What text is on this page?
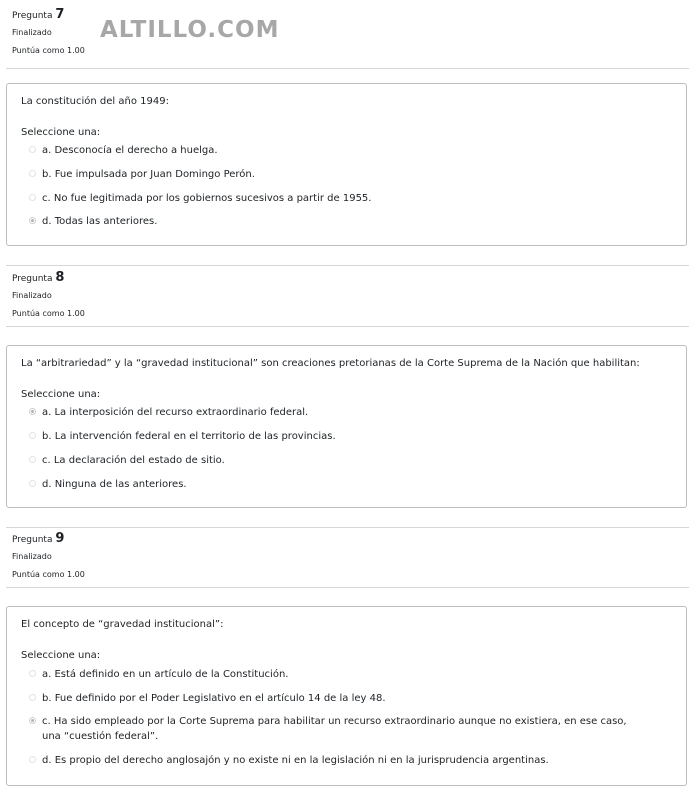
Pregunta 7
Finalizado
Puntúa como 1.00
ALTILLO.COM
La constitución del año 1949:
Seleccione una:
a. Desconocía el derecho a huelga.
b. Fue impulsada por Juan Domingo Perón.
c. No fue legitimada por los gobiernos sucesivos a partir de 1955.
d. Todas las anteriores.
Pregunta 8
Finalizado
Puntúa como 1.00
La “arbitrariedad” y la “gravedad institucional” son creaciones pretorianas de la Corte Suprema de la Nación que habilitan:
Seleccione una:
a. La interposición del recurso extraordinario federal.
b. La intervención federal en el territorio de las provincias.
c. La declaración del estado de sitio.
d. Ninguna de las anteriores.
Pregunta 9
Finalizado
Puntúa como 1.00
El concepto de “gravedad institucional”:
Seleccione una:
a. Está definido en un artículo de la Constitución.
b. Fue definido por el Poder Legislativo en el artículo 14 de la ley 48.
c. Ha sido empleado por la Corte Suprema para habilitar un recurso extraordinario aunque no existiera, en ese caso, una “cuestión federal”.
d. Es propio del derecho anglosajón y no existe ni en la legislación ni en la jurisprudencia argentinas.
